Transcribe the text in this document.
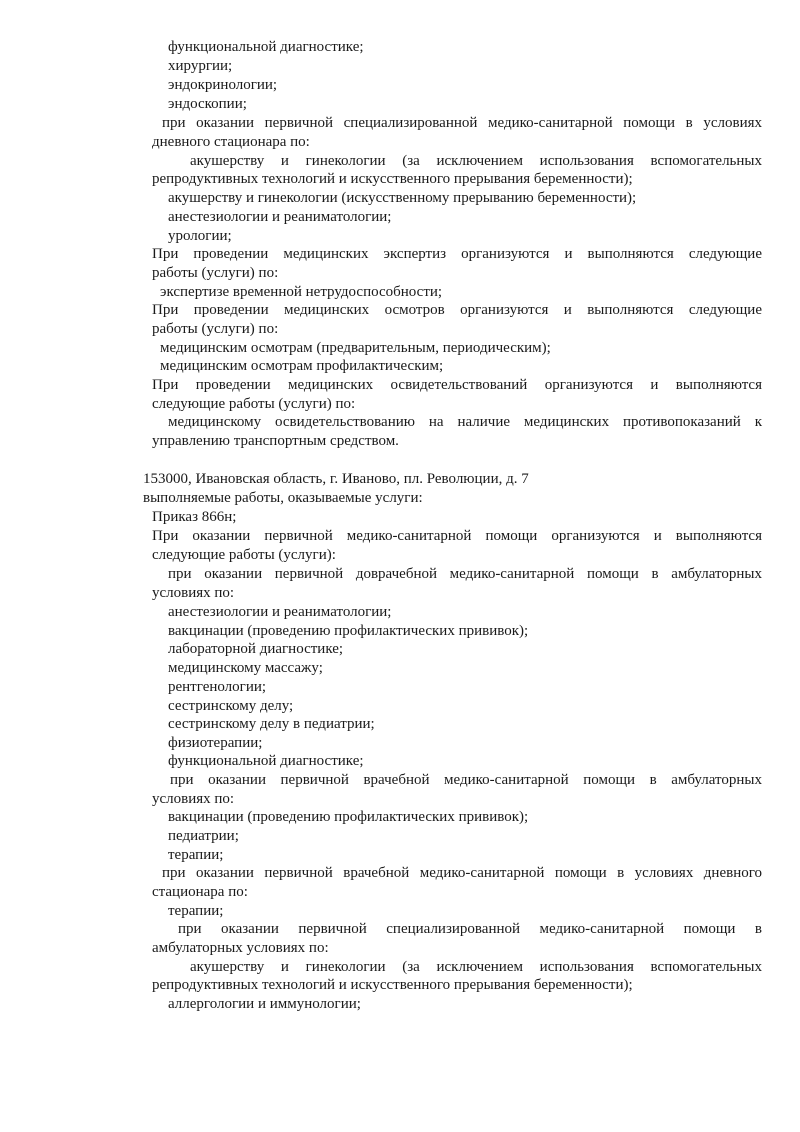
функциональной диагностике;
хирургии;
эндокринологии;
эндоскопии;
при оказании первичной специализированной медико-санитарной помощи в условиях
дневного стационара по:
акушерству и гинекологии (за исключением использования вспомогательных
репродуктивных технологий и искусственного прерывания беременности);
акушерству и гинекологии (искусственному прерыванию беременности);
анестезиологии и реаниматологии;
урологии;
При проведении медицинских экспертиз организуются и выполняются следующие
работы (услуги) по:
экспертизе временной нетрудоспособности;
При проведении медицинских осмотров организуются и выполняются следующие
работы (услуги) по:
медицинским осмотрам (предварительным, периодическим);
медицинским осмотрам профилактическим;
При проведении медицинских освидетельствований организуются и выполняются
следующие работы (услуги) по:
медицинскому освидетельствованию на наличие медицинских противопоказаний к
управлению транспортным средством.
153000, Ивановская область, г. Иваново, пл. Революции, д. 7
выполняемые работы, оказываемые услуги:
Приказ 866н;
При оказании первичной медико-санитарной помощи организуются и выполняются
следующие работы (услуги):
при оказании первичной доврачебной медико-санитарной помощи в амбулаторных
условиях по:
анестезиологии и реаниматологии;
вакцинации (проведению профилактических прививок);
лабораторной диагностике;
медицинскому массажу;
рентгенологии;
сестринскому делу;
сестринскому делу в педиатрии;
физиотерапии;
функциональной диагностике;
при оказании первичной врачебной медико-санитарной помощи в амбулаторных
условиях по:
вакцинации (проведению профилактических прививок);
педиатрии;
терапии;
при оказании первичной врачебной медико-санитарной помощи в условиях дневного
стационара по:
терапии;
при оказании первичной специализированной медико-санитарной помощи в
амбулаторных условиях по:
акушерству и гинекологии (за исключением использования вспомогательных
репродуктивных технологий и искусственного прерывания беременности);
аллергологии и иммунологии;
